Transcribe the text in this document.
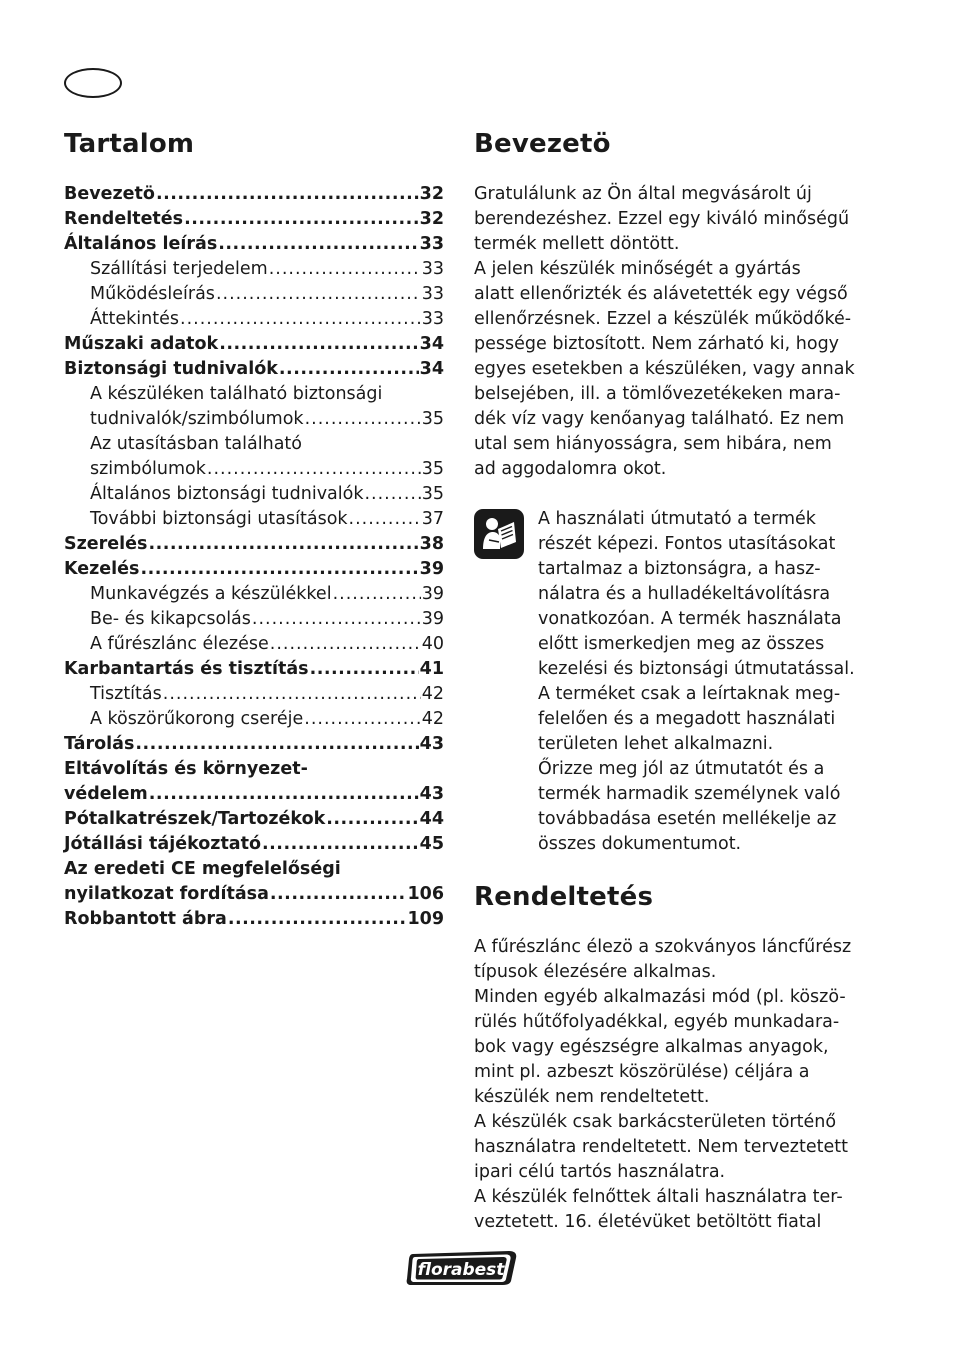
Tartalom
Bevezetö .....	32
Rendeltetés .....	32
Általános leírás .....	33
Szállítási terjedelem .....	33
Működésleírás .....	33
Áttekintés .....	33
Műszaki adatok .....	34
Biztonsági tudnivalók .....	34
A készüléken található biztonsági
tudnivalók/szimbólumok .....	35
Az utasításban található
szimbólumok .....	35
Általános biztonsági tudnivalók .....	35
További biztonsági utasítások .....	37
Szerelés .....	38
Kezelés .....	39
Munkavégzés a készülékkel .....	39
Be- és kikapcsolás .....	39
A fűrészlánc élezése .....	40
Karbantartás és tisztítás .....	41
Tisztítás .....	42
A köszörűkorong cseréje .....	42
Tárolás .....	43
Eltávolítás és környezet-
védelem .....	43
Pótalkatrészek/Tartozékok .....	44
Jótállási tájékoztató .....	45
Az eredeti CE megfelelőségi
nyilatkozat fordítása .....	106
Robbantott ábra .....	109
Bevezetö
Gratulálunk az Ön által megvásárolt új
berendezéshez. Ezzel egy kiváló minőségű
termék mellett döntött.
A jelen készülék minőségét a gyártás
alatt ellenőrizték és alávetették egy végső
ellenőrzésnek. Ezzel a készülék működőké-
pessége biztosított. Nem zárható ki, hogy
egyes esetekben a készüléken, vagy annak
belsejében, ill. a tömlővezetékeken mara-
dék víz vagy kenőanyag található. Ez nem
utal sem hiányosságra, sem hibára, nem
ad aggodalomra okot.
A használati útmutató a termék
részét képezi. Fontos utasításokat
tartalmaz a biztonságra, a hasz-
nálatra és a hulladékeltávolításra
vonatkozóan. A termék használata
előtt ismerkedjen meg az összes
kezelési és biztonsági útmutatással.
A terméket csak a leírtaknak meg-
felelően és a megadott használati
területen lehet alkalmazni.
Őrizze meg jól az útmutatót és a
termék harmadik személynek való
továbbadása esetén mellékelje az
összes dokumentumot.
Rendeltetés
A fűrészlánc élezö a szokványos láncfűrész
típusok élezésére alkalmas.
Minden egyéb alkalmazási mód (pl. köszö-
rülés hűtőfolyadékkal, egyéb munkadara-
bok vagy egészségre alkalmas anyagok,
mint pl. azbeszt köszörülése) céljára a
készülék nem rendeltetett.
A készülék csak barkácsterületen történő
használatra rendeltetett. Nem terveztetett
ipari célú tartós használatra.
A készülék felnőttek általi használatra ter-
veztetett. 16. életévüket betöltött fiatal
florabest
